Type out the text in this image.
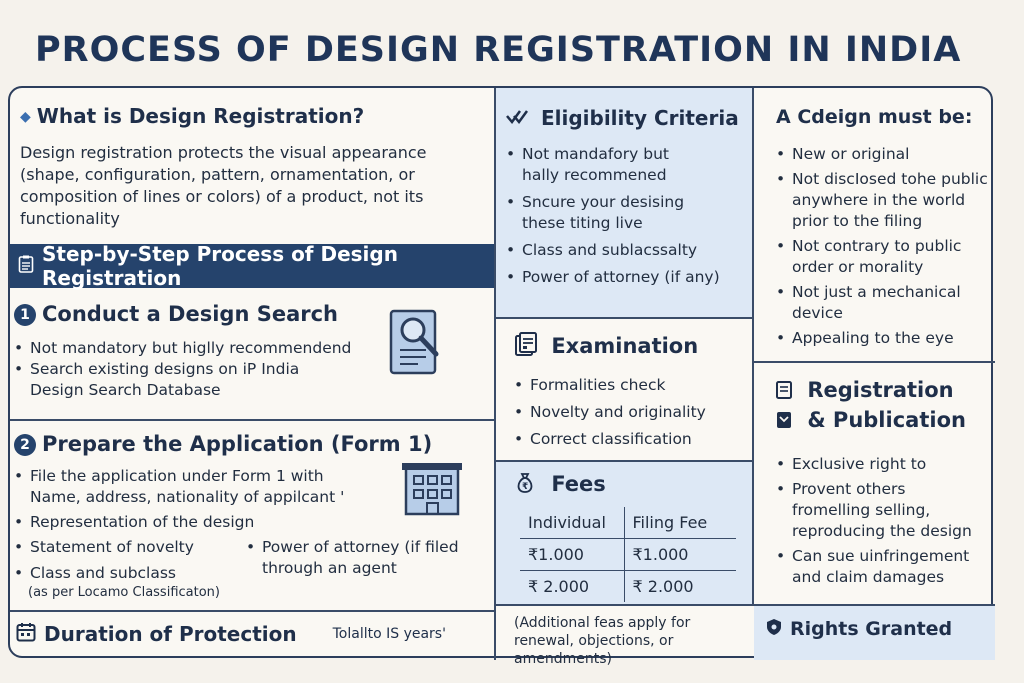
PROCESS OF DESIGN REGISTRATION IN INDIA
◆ What is Design Registration?

Design registration protects the visual appearance (shape, configuration, pattern, ornamentation, or composition of lines or colors) of a product, not its functionality

Step-by-Step Process of Design Registration
1 Conduct a Design Search
• Not mandatory but higlly recommendend
• Search existing designs on iP India Design Search Database
2 Prepare the Application (Form 1)
• File the application under Form 1 with Name, address, nationality of appilcant '
• Representation of the design
• Statement of novelty
• Class and subclass
• Power of attorney (if filed through an agent
(as per Locamo Classificaton)
Duration of Protection	Tolallto IS years'
Eligibility Criteria
• Not mandafory but hally recommened
• Sncure your desising these titing live
• Class and sublacssalty
• Power of attorney (if any)
A Cdeign must be:
• New or original
• Not discIosed tohe public anywhere in the world prior to the filing
• Not contrary to public order or morality
• Not just a mechanical device
• Appealing to the eye
Examination
• Formalities check
• Novelty and originality
• Correct classification
₹ Fees
Individual	Filing Fee
₹1.000	₹1.000
₹ 2.000	₹ 2.000
(Additional feas apply for renewal, objections, or amendments)
Registration
& Publication
• Exclusive right to
• Provent others fromelling selling, reproducing the design
• Can sue uinfringement and claim damages
Rights Granted
